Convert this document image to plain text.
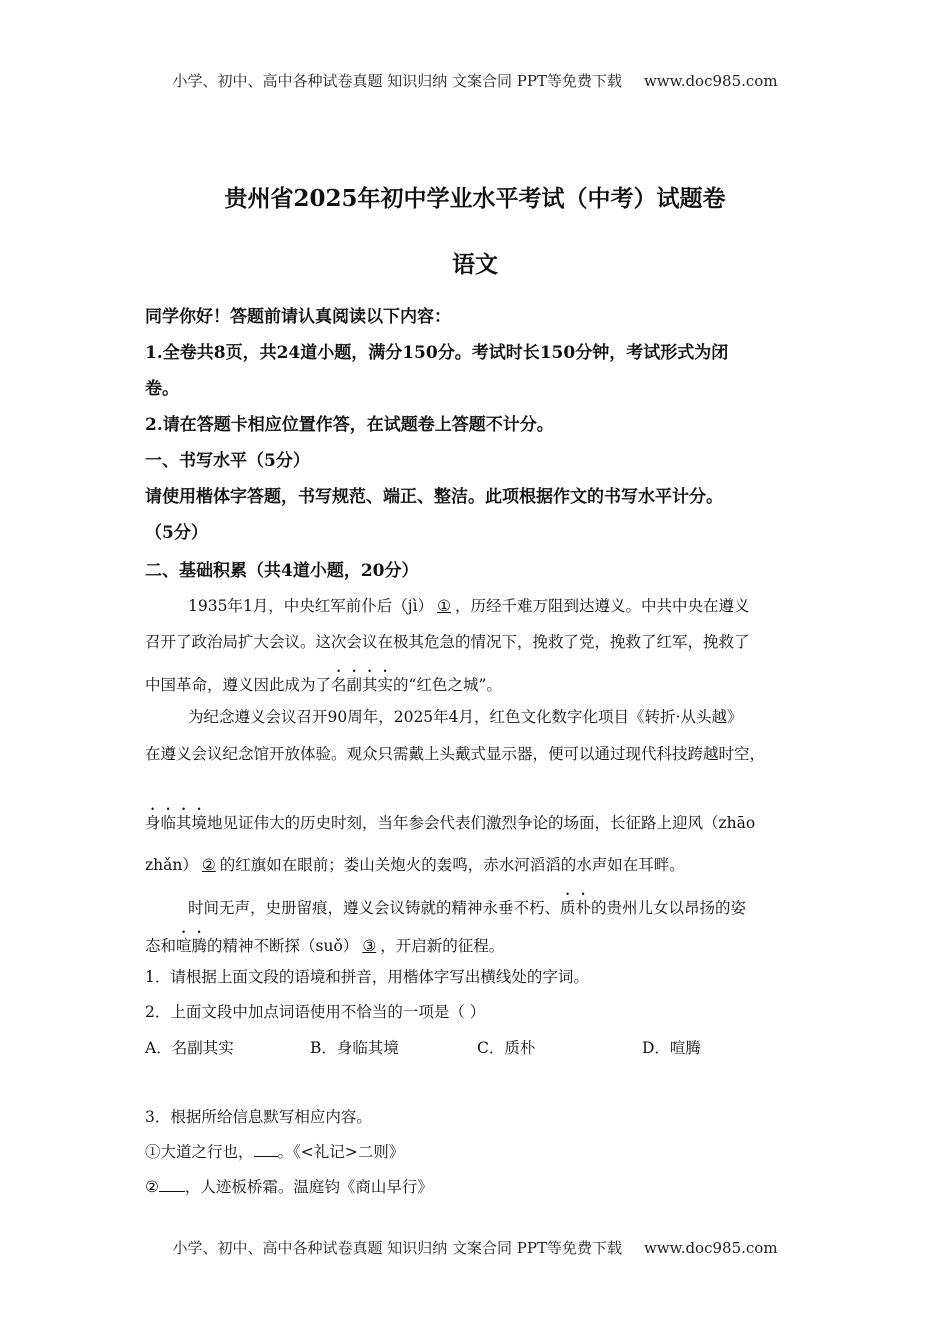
小学、初中、高中各种试卷真题 知识归纳 文案合同 PPT等免费下载 www.doc985.com
贵州省2025年初中学业水平考试（中考）试题卷
语文
同学你好！答题前请认真阅读以下内容：
1.全卷共8页，共24道小题，满分150分。考试时长150分钟，考试形式为闭
卷。
2.请在答题卡相应位置作答，在试题卷上答题不计分。
一、书写水平（5分）
请使用楷体字答题，书写规范、端正、整洁。此项根据作文的书写水平计分。
（5分）
二、基础积累（共4道小题，20分）
1935年1月，中央红军前仆后（jì） ① ，历经千难万阻到达遵义。中共中央在遵义
召开了政治局扩大会议。这次会议在极其危急的情况下，挽救了党，挽救了红军，挽救了
中国革命，遵义因此成为了名副其实的“红色之城”。
为纪念遵义会议召开90周年，2025年4月，红色文化数字化项目《转折·从头越》
在遵义会议纪念馆开放体验。观众只需戴上头戴式显示器，便可以通过现代科技跨越时空，
身临其境地见证伟大的历史时刻，当年参会代表们激烈争论的场面，长征路上迎风（zhāo
zhǎn） ② 的红旗如在眼前；娄山关炮火的轰鸣，赤水河滔滔的水声如在耳畔。
时间无声，史册留痕，遵义会议铸就的精神永垂不朽、质朴的贵州儿女以昂扬的姿
态和喧腾的精神不断探（suǒ） ③ ，开启新的征程。
1．请根据上面文段的语境和拼音，用楷体字写出横线处的字词。
2．上面文段中加点词语使用不恰当的一项是（ ）
A．名副其实	B．身临其境	C．质朴	D．喧腾
3．根据所给信息默写相应内容。
①大道之行也， 。《<礼记>二则》
② ，人迹板桥霜。温庭钧《商山早行》
小学、初中、高中各种试卷真题 知识归纳 文案合同 PPT等免费下载 www.doc985.com
